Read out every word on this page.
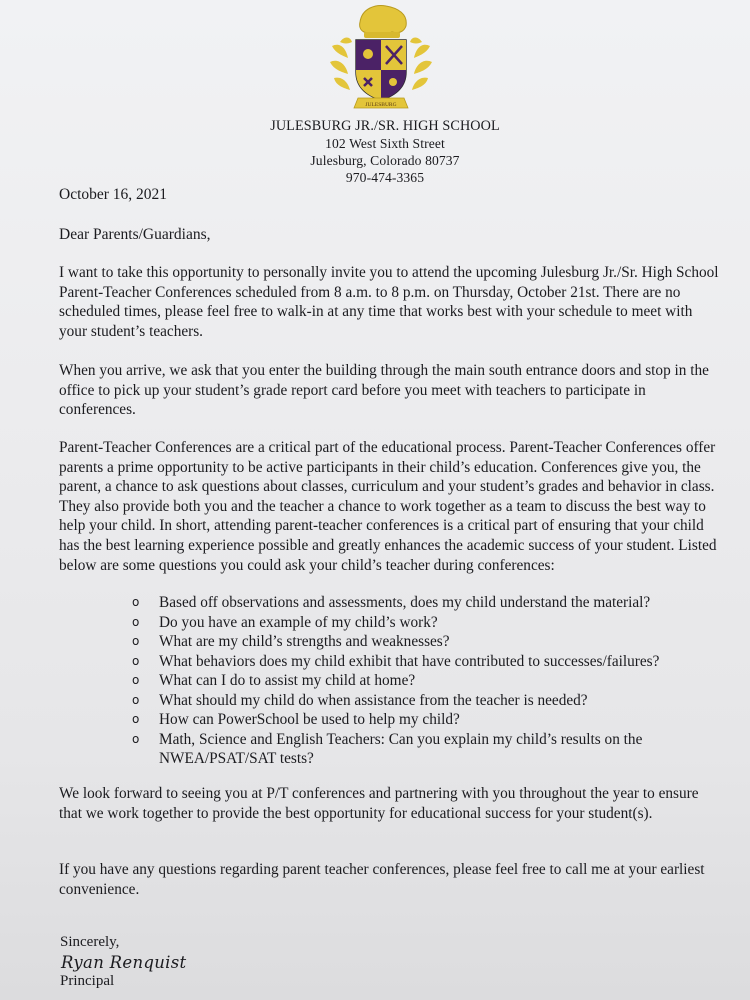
JULESBURG
JULESBURG JR./SR. HIGH SCHOOL
102 West Sixth Street
Julesburg, Colorado 80737
970-474-3365
October 16, 2021
Dear Parents/Guardians,

I want to take this opportunity to personally invite you to attend the upcoming Julesburg Jr./Sr. High School Parent-Teacher Conferences scheduled from 8 a.m. to 8 p.m. on Thursday, October 21st. There are no scheduled times, please feel free to walk-in at any time that works best with your schedule to meet with your student’s teachers.

When you arrive, we ask that you enter the building through the main south entrance doors and stop in the office to pick up your student’s grade report card before you meet with teachers to participate in conferences.

Parent-Teacher Conferences are a critical part of the educational process. Parent-Teacher Conferences offer parents a prime opportunity to be active participants in their child’s education. Conferences give you, the parent, a chance to ask questions about classes, curriculum and your student’s grades and behavior in class. They also provide both you and the teacher a chance to work together as a team to discuss the best way to help your child. In short, attending parent-teacher conferences is a critical part of ensuring that your child has the best learning experience possible and greatly enhances the academic success of your student. Listed below are some questions you could ask your child’s teacher during conferences:

o Based off observations and assessments, does my child understand the material?
o Do you have an example of my child’s work?
o What are my child’s strengths and weaknesses?
o What behaviors does my child exhibit that have contributed to successes/failures?
o What can I do to assist my child at home?
o What should my child do when assistance from the teacher is needed?
o How can PowerSchool be used to help my child?
o Math, Science and English Teachers: Can you explain my child’s results on the NWEA/PSAT/SAT tests?

We look forward to seeing you at P/T conferences and partnering with you throughout the year to ensure that we work together to provide the best opportunity for educational success for your student(s).

If you have any questions regarding parent teacher conferences, please feel free to call me at your earliest convenience.

Sincerely,
Ryan Renquist
Principal
